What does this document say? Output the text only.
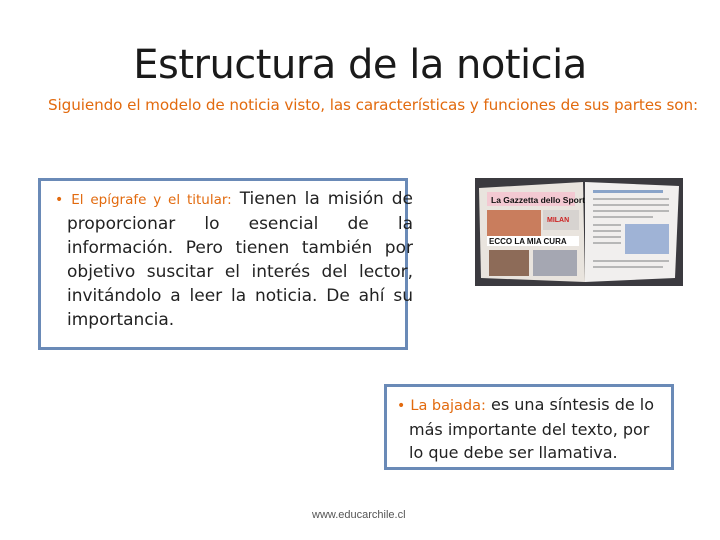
Estructura de la noticia
Siguiendo el modelo de noticia visto, las características y funciones de sus partes son:
• El epígrafe y el titular: Tienen la misión de proporcionar lo esencial de la información. Pero tienen también por objetivo suscitar el interés del lector, invitándolo a leer la noticia. De ahí su importancia.
La Gazzetta dello Sport
MILAN
ECCO LA MIA CURA
• La bajada: es una síntesis de lo más importante del texto, por lo que debe ser llamativa.
www.educarchile.cl
